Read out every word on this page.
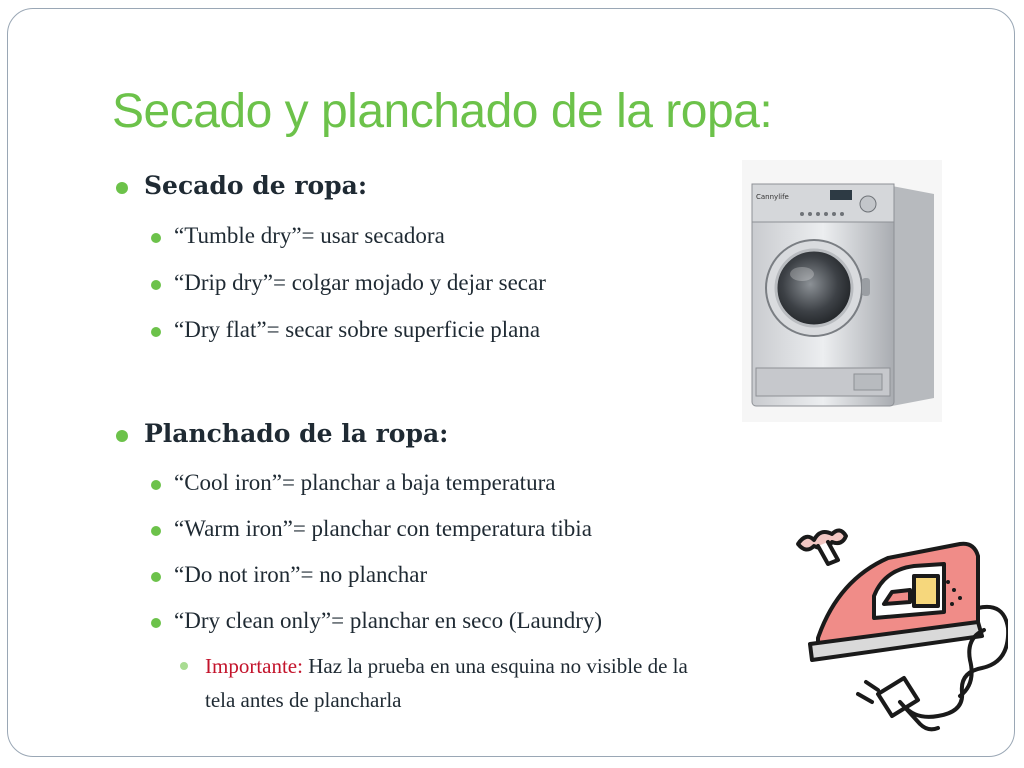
Secado y planchado de la ropa:
Secado de ropa:
“Tumble dry”= usar secadora
“Drip dry”= colgar mojado y dejar secar
“Dry flat”= secar sobre superficie plana
Planchado de la ropa:
“Cool iron”= planchar a baja temperatura
“Warm iron”= planchar con temperatura tibia
“Do not iron”= no planchar
“Dry clean only”= planchar en seco (Laundry)
Importante: Haz la prueba en una esquina no visible de la
tela antes de plancharla
Cannylife
